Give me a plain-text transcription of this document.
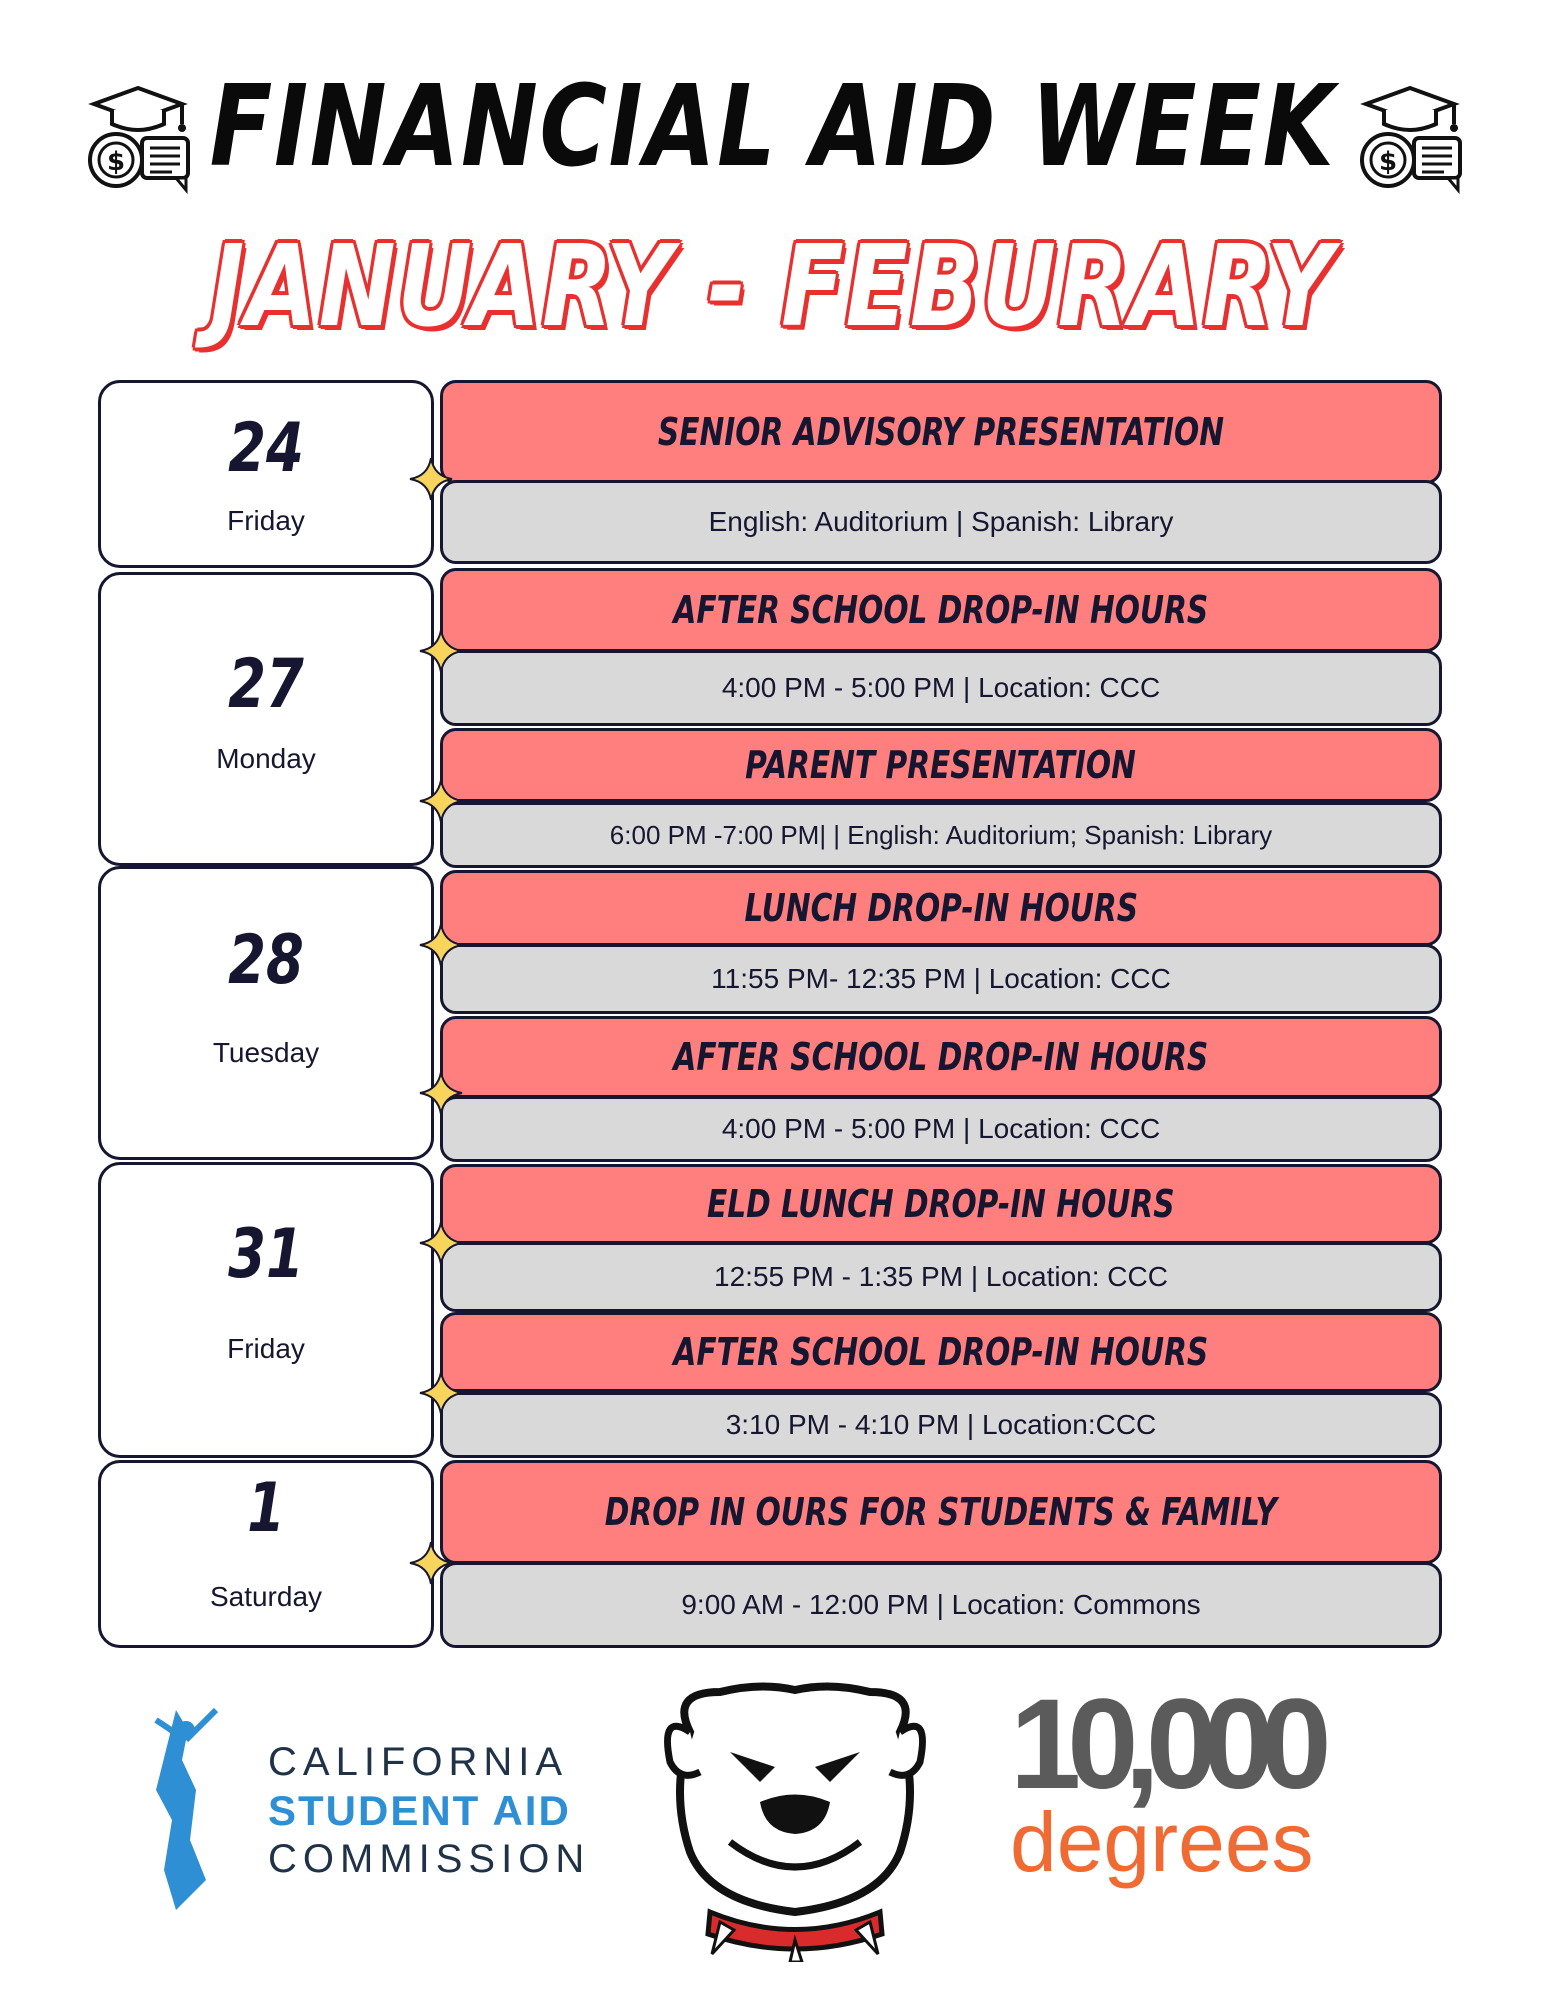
$	$
FINANCIAL AID WEEK
JANUARY - FEBURARY
24
Friday
SENIOR ADVISORY PRESENTATION
English: Auditorium | Spanish: Library
27
Monday
AFTER SCHOOL DROP-IN HOURS
4:00 PM - 5:00 PM | Location: CCC
PARENT PRESENTATION
6:00 PM -7:00 PM| | English: Auditorium; Spanish: Library
28
Tuesday
LUNCH DROP-IN HOURS
11:55 PM- 12:35 PM | Location: CCC
AFTER SCHOOL DROP-IN HOURS
4:00 PM - 5:00 PM | Location: CCC
31
Friday
ELD LUNCH DROP-IN HOURS
12:55 PM - 1:35 PM | Location: CCC
AFTER SCHOOL DROP-IN HOURS
3:10 PM - 4:10 PM | Location:CCC
1
Saturday
DROP IN OURS FOR STUDENTS & FAMILY
9:00 AM - 12:00 PM | Location: Commons
CALIFORNIA
STUDENT AID
COMMISSION
10,000
degrees
